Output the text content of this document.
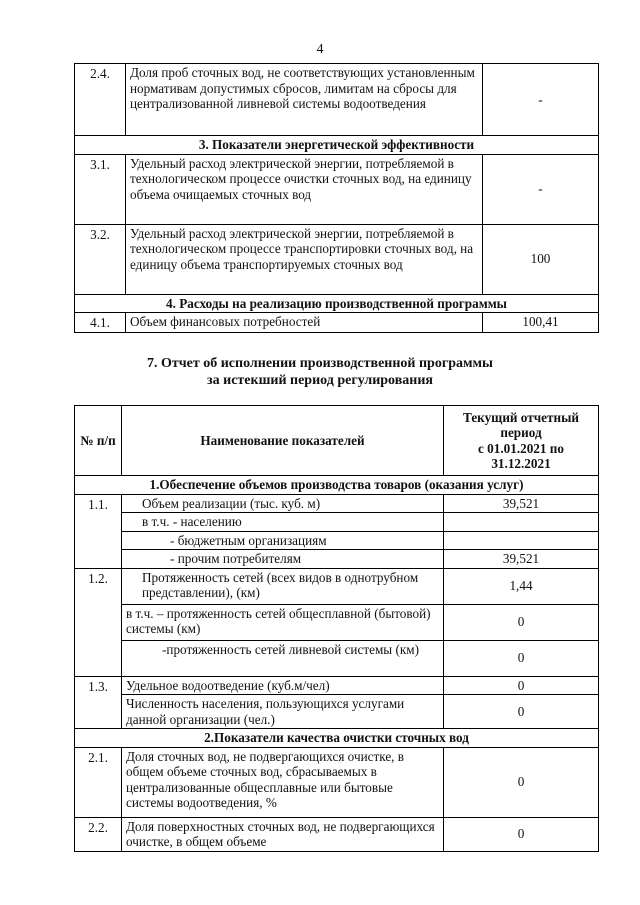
4
2.4.	Доля проб сточных вод, не соответствующих установленным нормативам допустимых сбросов, лимитам на сбросы для централизованной ливневой системы водоотведения	-
3. Показатели энергетической эффективности		
3.1.	Удельный расход электрической энергии, потребляемой в технологическом процессе очистки сточных вод, на единицу объема очищаемых сточных вод	-
3.2.	Удельный расход электрической энергии, потребляемой в технологическом процессе транспортировки сточных вод, на единицу объема транспортируемых сточных вод	100
4. Расходы на реализацию производственной программы		
4.1.	Объем финансовых потребностей	100,41
7. Отчет об исполнении производственной программы
за истекший период регулирования
№ п/п	Наименование показателей	Текущий отчетный период
с 01.01.2021 по 31.12.2021

1.Обеспечение объемов производства товаров (оказания услуг)		
1.1.	Объем реализации (тыс. куб. м)	39,521
	в т.ч. - населению	
	- бюджетным организациям	
	- прочим потребителям	39,521
1.2.	Протяженность сетей (всех видов в однотрубном представлении), (км)	1,44
	в т.ч. – протяженность сетей общесплавной (бытовой) системы (км)	0
	-протяженность сетей ливневой системы (км)	0
1.3.	Удельное водоотведение (куб.м/чел)	0
	Численность населения, пользующихся услугами данной организации (чел.)	0
2.Показатели качества очистки сточных вод		
2.1.	Доля сточных вод, не подвергающихся очистке, в общем объеме сточных вод, сбрасываемых в централизованные общесплавные или бытовые системы водоотведения, %	0
2.2.	Доля поверхностных сточных вод, не подвергающихся очистке, в общем объеме	0
